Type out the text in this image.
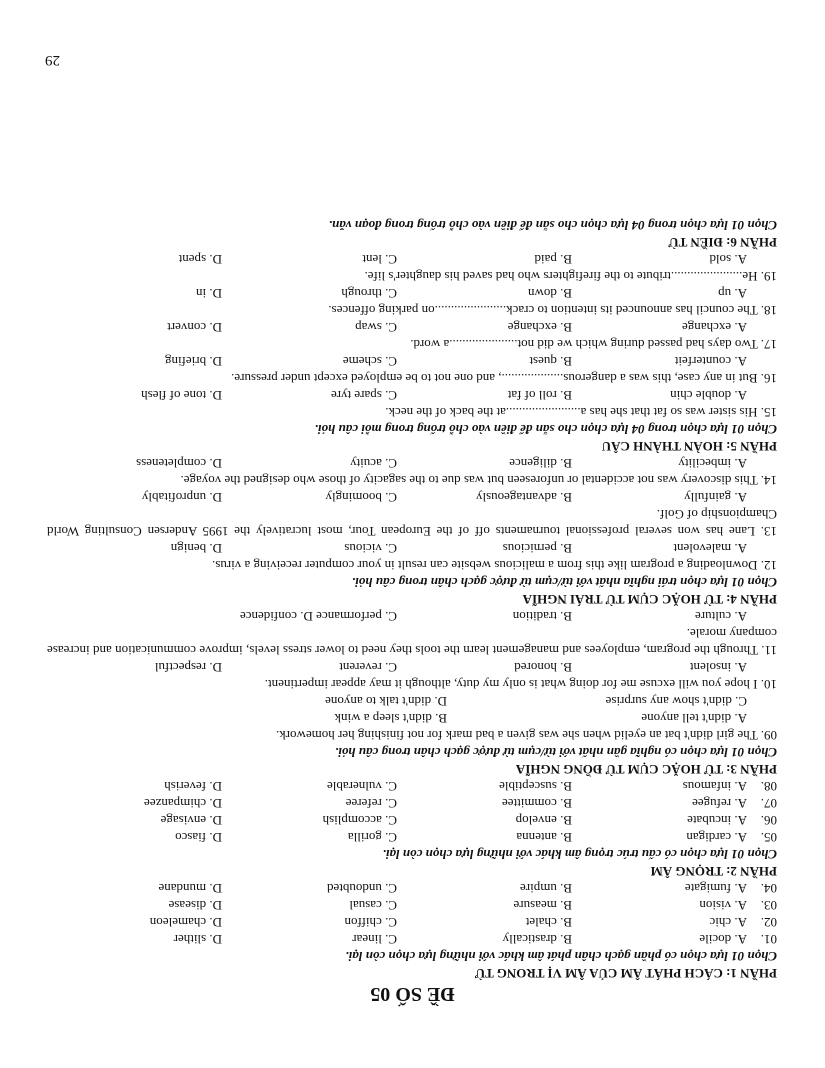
ĐỀ SỐ 05
PHẦN 1: CÁCH PHÁT ÂM CỦA ÂM VỊ TRONG TỪ
Chọn 01 lựa chọn có phần gạch chân phát âm khác với những lựa chọn còn lại.
01.
A. docile
B. drastically
C. linear
D. slither
02.
A. chic
B. chalet
C. chiffon
D. chameleon
03.
A. vision
B. measure
C. casual
D. disease
04.
A. fumigate
B. umpire
C. undoubted
D. mundane
PHẦN 2: TRỌNG ÂM
Chọn 01 lựa chọn có cấu trúc trọng âm khác với những lựa chọn còn lại.
05.
A. cardigan
B. antenna
C. gorilla
D. fiasco
06.
A. incubate
B. envelop
C. accomplish
D. envisage
07.
A. refugee
B. committee
C. referee
D. chimpanzee
08.
A. infamous
B. susceptible
C. vulnerable
D. feverish
PHẦN 3: TỪ HOẶC CỤM TỪ ĐỒNG NGHĨA
Chọn 01 lựa chọn có nghĩa gần nhất với từ/cụm từ được gạch chân trong câu hỏi.
09. The girl didn't bat an eyelid when she was given a bad mark for not finishing her homework.
A. didn't tell anyone
B. didn't sleep a wink
C. didn't show any surprise
D. didn't talk to anyone
10. I hope you will excuse me for doing what is only my duty, although it may appear impertinent.
A. insolent
B. honored
C. reverent
D. respectful
11. Through the program, employees and management learn the tools they need to lower stress levels, improve communication and increase company morale.
A. culture
B. tradition
C. performance D. confidence
PHẦN 4: TỪ HOẶC CỤM TỪ TRÁI NGHĨA
Chọn 01 lựa chọn trái nghĩa nhất với từ/cụm từ được gạch chân trong câu hỏi.
12. Downloading a program like this from a malicious website can result in your computer receiving a virus.
A. malevolent
B. pernicious
C. vicious
D. benign
13. Lane has won several professional tournaments off of the European Tour, most lucratively the 1995 Andersen Consulting World Championship of Golf.
A. gainfully
B. advantageously
C. boomingly
D. unprofitably
14. This discovery was not accidental or unforeseen but was due to the sagacity of those who designed the voyage.
A. imbecility
B. diligence
C. acuity
D. completeness
PHẦN 5: HOÀN THÀNH CÂU
Chọn 01 lựa chọn trong 04 lựa chọn cho sẵn để điền vào chỗ trống trong mỗi câu hỏi.
15. His sister was so fat that she has a.......................at the back of the neck.
A. double chin
B. roll of fat
C. spare tyre
D. tone of flesh
16. But in any case, this was a dangerous..................., and one not to be employed except under pressure.
A. counterfeit
B. quest
C. scheme
D. briefing
17. Two days had passed during which we did not.....................a word.
A. exchange
B. exchange
C. swap
D. convert
18. The council has announced its intention to crack......................on parking offences.
A. up
B. down
C. through
D. in
19. He......................tribute to the firefighters who had saved his daughter's life.
A. sold
B. paid
C. lent
D. spent
PHẦN 6: ĐIỀN TỪ
Chọn 01 lựa chọn trong 04 lựa chọn cho sẵn để điền vào chỗ trống trong đoạn văn.
29
